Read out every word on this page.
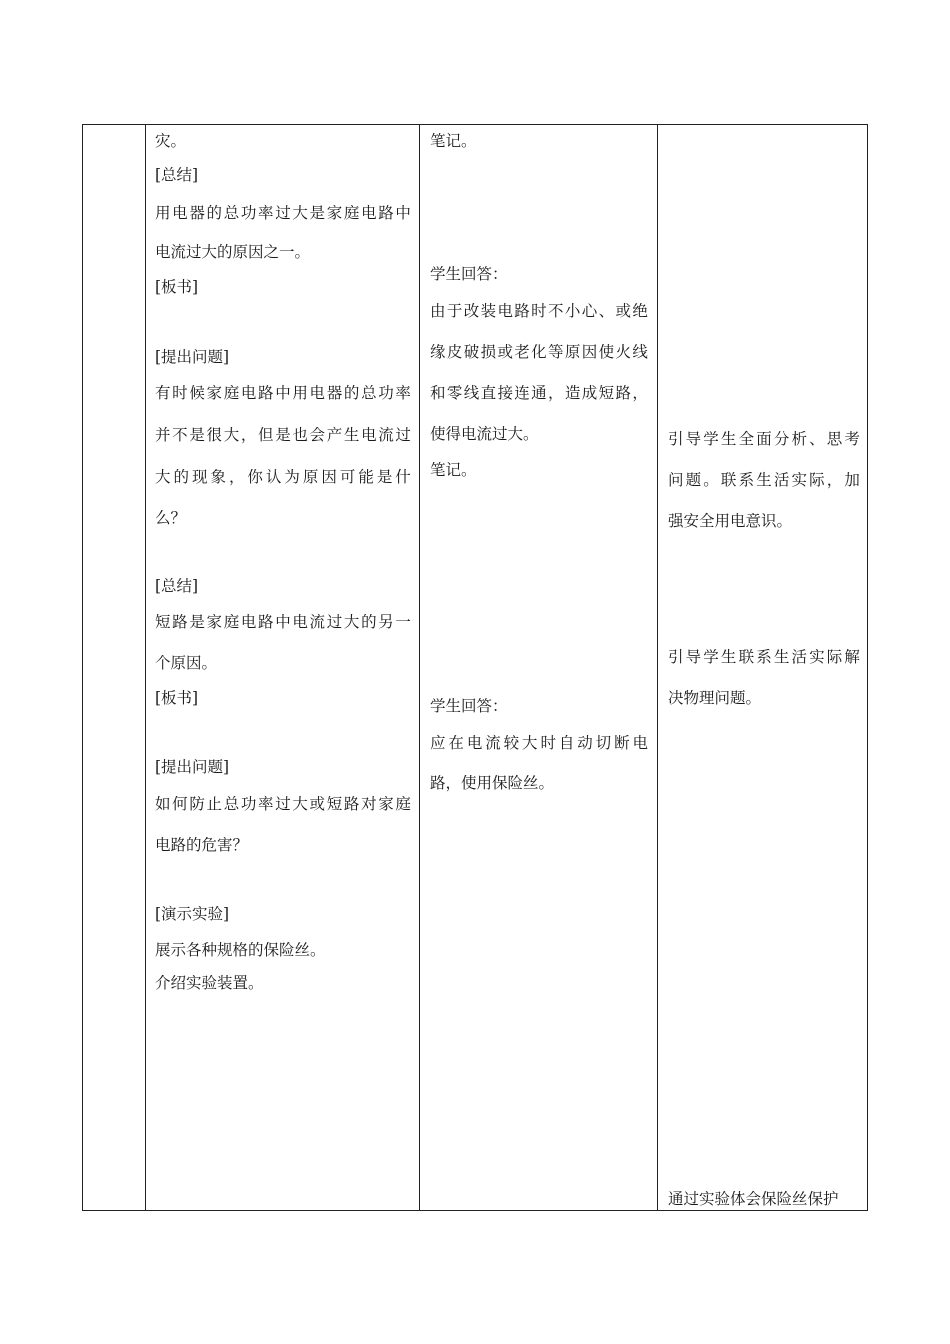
灾。
[总结]
用 电 器 的 总 功 率 过 大 是 家 庭 电 路 中
电流过大的原因之一。
[板书]
[提出问题]
有 时 候 家 庭 电 路 中 用 电 器 的 总 功 率
并 不 是 很 大 ， 但 是 也 会 产 生 电 流 过
大 的 现 象 ， 你 认 为 原 因 可 能 是 什
么？
[总结]
短 路 是 家 庭 电 路 中 电 流 过 大 的 另 一
个原因。
[板书]
[提出问题]
如 何 防 止 总 功 率 过 大 或 短 路 对 家 庭
电路的危害？
[演示实验]
展示各种规格的保险丝。
介绍实验装置。
笔记。
学生回答：
由 于 改 装 电 路 时 不 小 心 、 或 绝
缘 皮 破 损 或 老 化 等 原 因 使 火 线
和 零 线 直 接 连 通 ， 造 成 短 路 ，
使得电流过大。
笔记。
学生回答：
应 在 电 流 较 大 时 自 动 切 断 电
路，使用保险丝。
引 导 学 生 全 面 分 析 、 思 考
问 题 。 联 系 生 活 实 际 ， 加
强安全用电意识。
引 导 学 生 联 系 生 活 实 际 解
决物理问题。
通过实验体会保险丝保护
